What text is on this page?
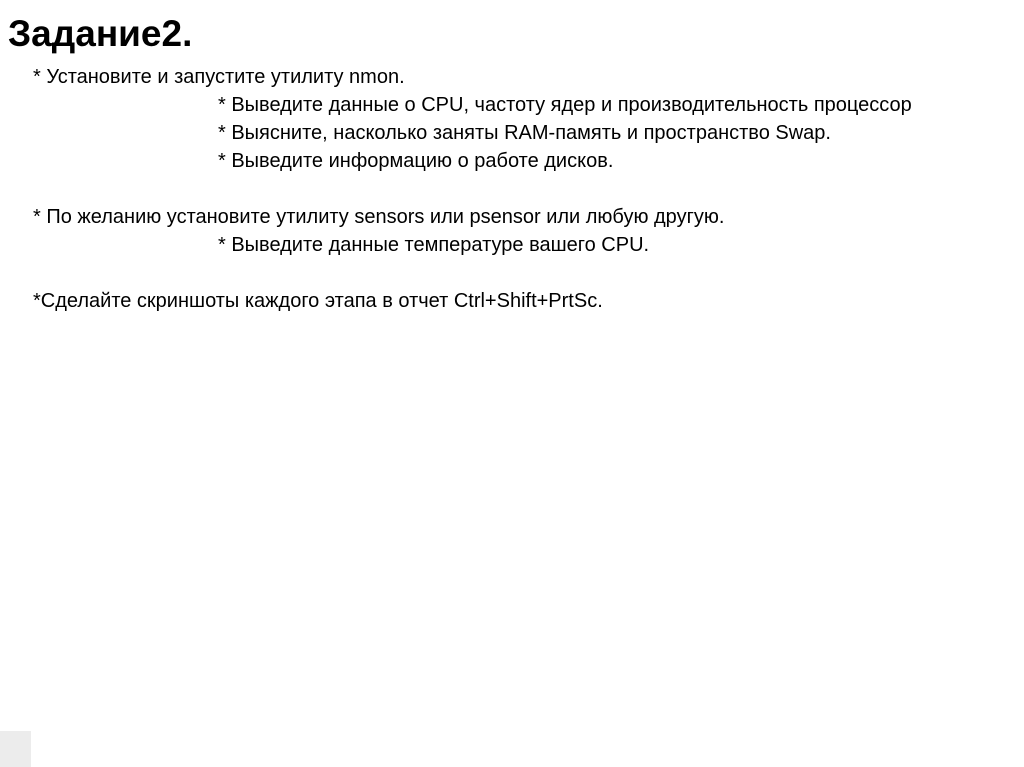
Задание2.

* Установите и запустите утилиту nmon.

* Выведите данные о CPU, частоту ядер и производительность процессор

* Выясните, насколько заняты RAM-память и пространство Swap.

* Выведите информацию о работе дисков.

* По желанию установите утилиту sensors или psensor или любую другую.

* Выведите данные температуре вашего CPU.

*Сделайте скриншоты каждого этапа в отчет Ctrl+Shift+PrtSc.
